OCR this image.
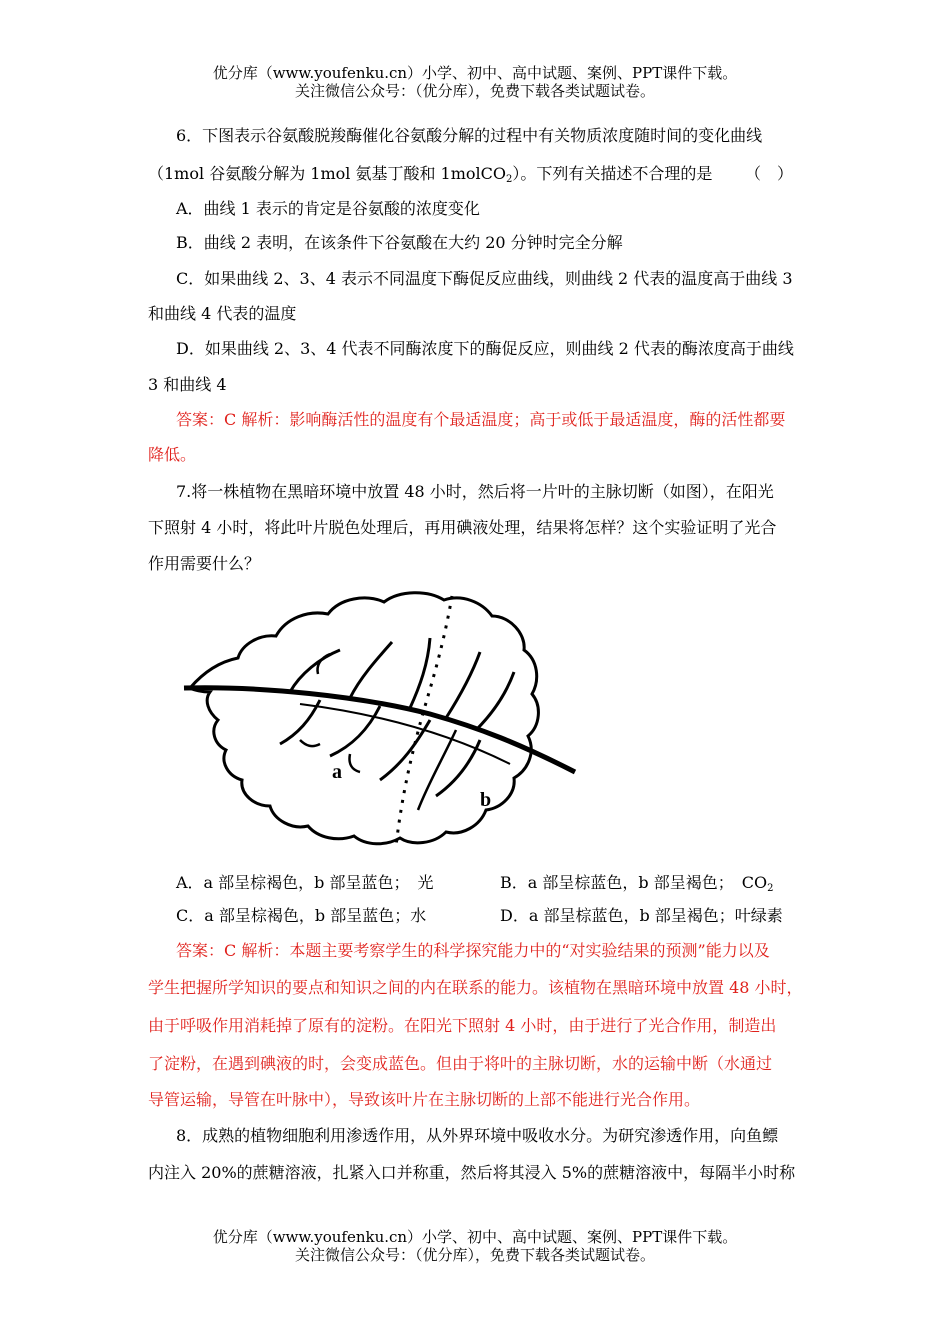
优分库（www.youfenku.cn）小学、初中、高中试题、案例、PPT课件下载。
关注微信公众号：（优分库），免费下载各类试题试卷。
6．下图表示谷氨酸脱羧酶催化谷氨酸分解的过程中有关物质浓度随时间的变化曲线
（1mol 谷氨酸分解为 1mol 氨基丁酸和 1molCO$_2$）。下列有关描述不合理的是 （　）
A．曲线 1 表示的肯定是谷氨酸的浓度变化
B．曲线 2 表明，在该条件下谷氨酸在大约 20 分钟时完全分解
C．如果曲线 2、3、4 表示不同温度下酶促反应曲线，则曲线 2 代表的温度高于曲线 3
和曲线 4 代表的温度
D．如果曲线 2、3、4 代表不同酶浓度下的酶促反应，则曲线 2 代表的酶浓度高于曲线
3 和曲线 4
答案：C 解析：影响酶活性的温度有个最适温度；高于或低于最适温度，酶的活性都要
降低。
7.将一株植物在黑暗环境中放置 48 小时，然后将一片叶的主脉切断（如图），在阳光
下照射 4 小时，将此叶片脱色处理后，再用碘液处理，结果将怎样？这个实验证明了光合
作用需要什么？
a
b
A．a 部呈棕褐色，b 部呈蓝色；　光	B．a 部呈棕蓝色，b 部呈褐色；　$CO_2$
C．a 部呈棕褐色，b 部呈蓝色；水	D．a 部呈棕蓝色，b 部呈褐色；叶绿素
答案：C 解析：本题主要考察学生的科学探究能力中的“对实验结果的预测”能力以及
学生把握所学知识的要点和知识之间的内在联系的能力。该植物在黑暗环境中放置 48 小时，
由于呼吸作用消耗掉了原有的淀粉。在阳光下照射 4 小时，由于进行了光合作用，制造出
了淀粉，在遇到碘液的时，会变成蓝色。但由于将叶的主脉切断，水的运输中断（水通过
导管运输，导管在叶脉中），导致该叶片在主脉切断的上部不能进行光合作用。
8．成熟的植物细胞利用渗透作用，从外界环境中吸收水分。为研究渗透作用，向鱼鳔
内注入 20%的蔗糖溶液，扎紧入口并称重，然后将其浸入 5%的蔗糖溶液中，每隔半小时称
优分库（www.youfenku.cn）小学、初中、高中试题、案例、PPT课件下载。
关注微信公众号：（优分库），免费下载各类试题试卷。
